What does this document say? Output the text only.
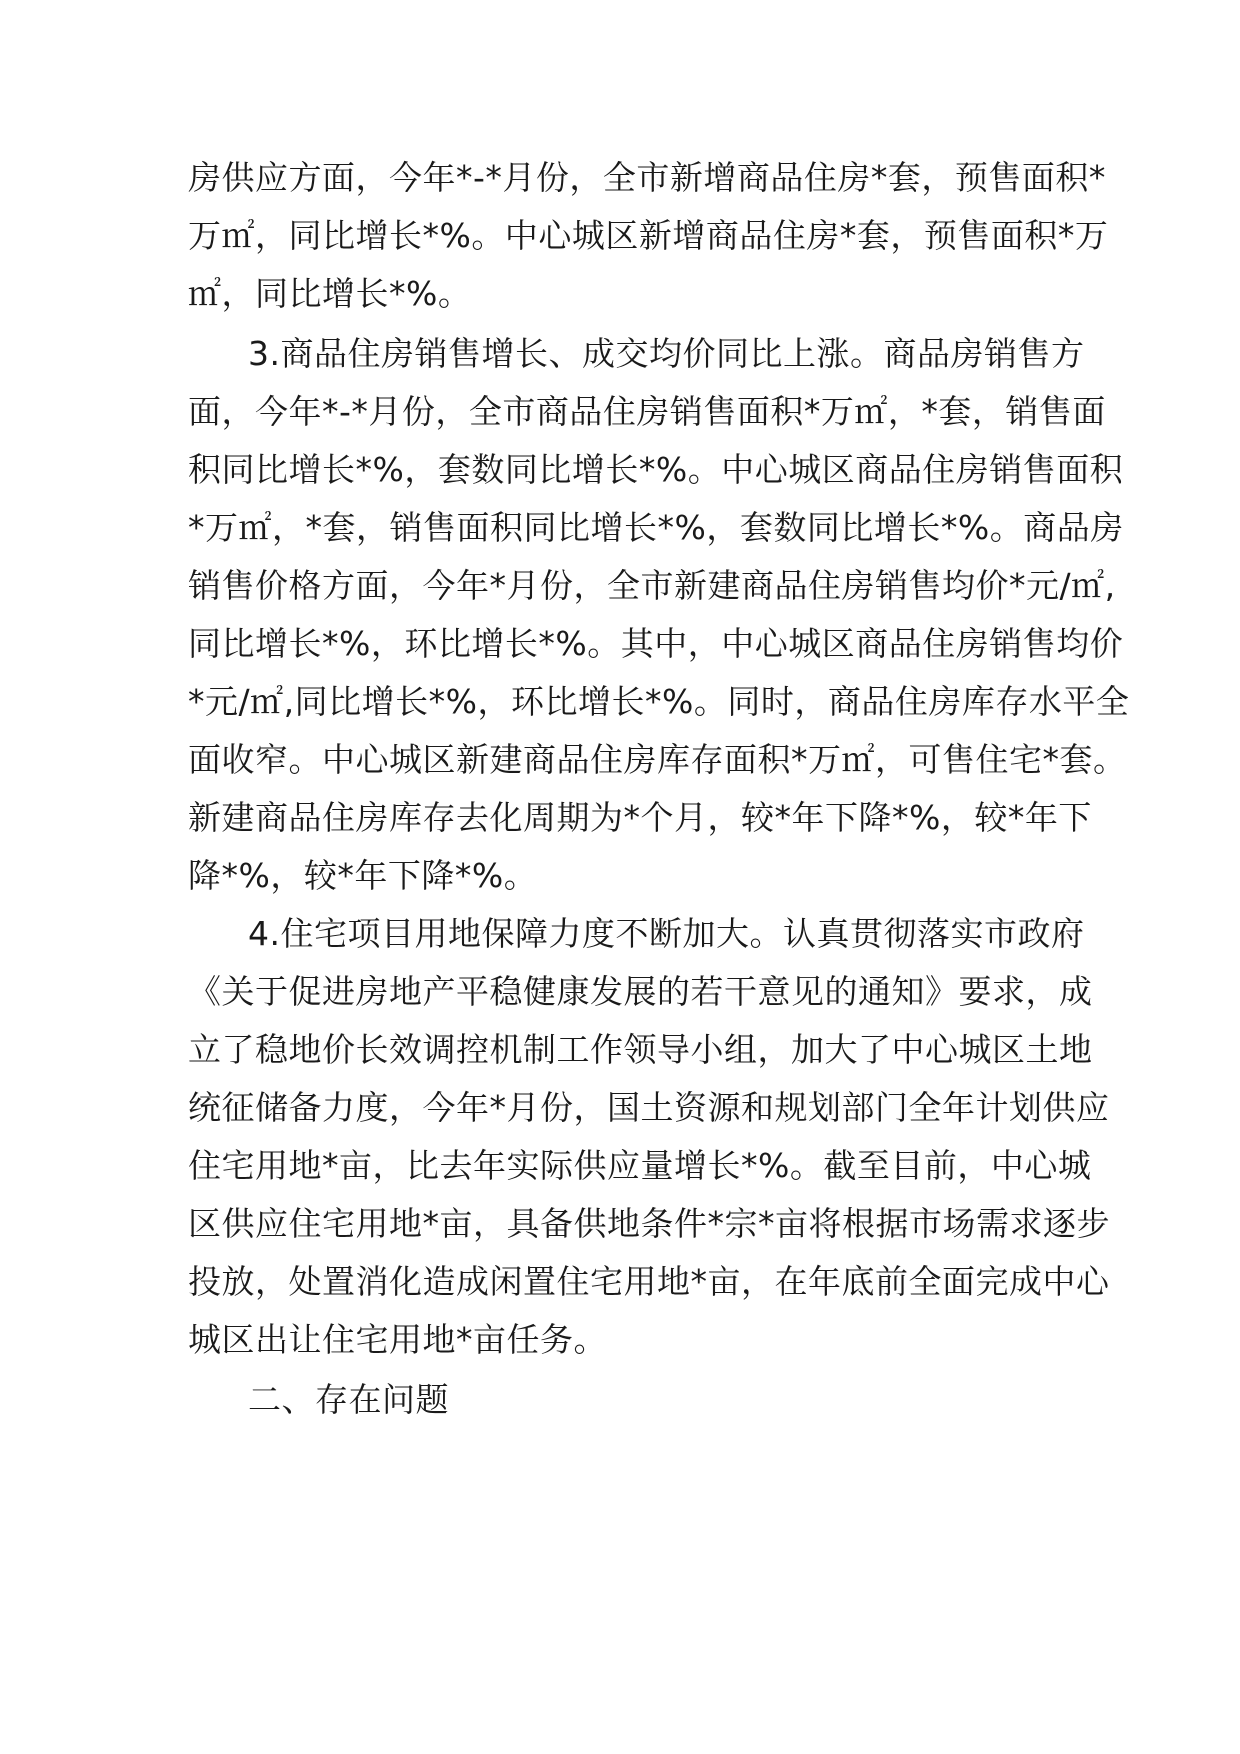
房供应方面，今年*-*月份，全市新增商品住房*套，预售面积*
万㎡，同比增长*%。中心城区新增商品住房*套，预售面积*万
㎡，同比增长*%。
3.商品住房销售增长、成交均价同比上涨。商品房销售方
面，今年*-*月份，全市商品住房销售面积*万㎡，*套，销售面
积同比增长*%，套数同比增长*%。中心城区商品住房销售面积
*万㎡，*套，销售面积同比增长*%，套数同比增长*%。商品房
销售价格方面，今年*月份，全市新建商品住房销售均价*元/㎡,
同比增长*%，环比增长*%。其中，中心城区商品住房销售均价
*元/㎡,同比增长*%，环比增长*%。同时，商品住房库存水平全
面收窄。中心城区新建商品住房库存面积*万㎡，可售住宅*套。
新建商品住房库存去化周期为*个月，较*年下降*%，较*年下
降*%，较*年下降*%。
4.住宅项目用地保障力度不断加大。认真贯彻落实市政府
《关于促进房地产平稳健康发展的若干意见的通知》要求，成
立了稳地价长效调控机制工作领导小组，加大了中心城区土地
统征储备力度，今年*月份，国土资源和规划部门全年计划供应
住宅用地*亩，比去年实际供应量增长*%。截至目前，中心城
区供应住宅用地*亩，具备供地条件*宗*亩将根据市场需求逐步
投放，处置消化造成闲置住宅用地*亩，在年底前全面完成中心
城区出让住宅用地*亩任务。
二、存在问题
